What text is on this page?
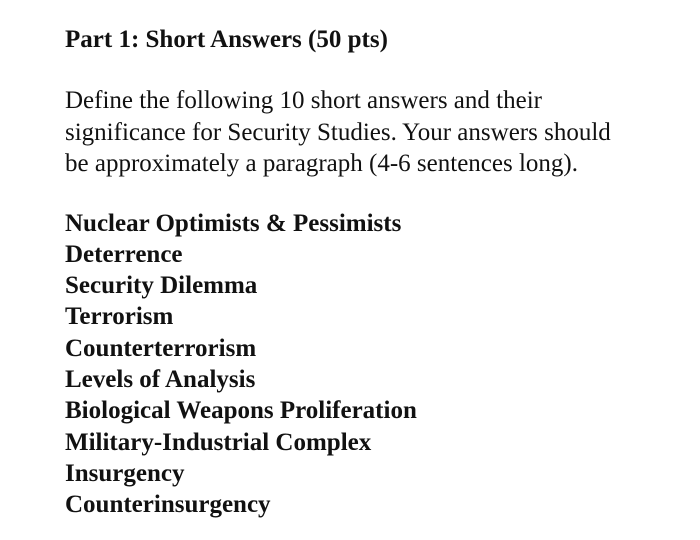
Part 1: Short Answers (50 pts)

Define the following 10 short answers and their
significance for Security Studies. Your answers should
be approximately a paragraph (4-6 sentences long).

Nuclear Optimists & Pessimists
Deterrence
Security Dilemma
Terrorism
Counterterrorism
Levels of Analysis
Biological Weapons Proliferation
Military-Industrial Complex
Insurgency
Counterinsurgency
